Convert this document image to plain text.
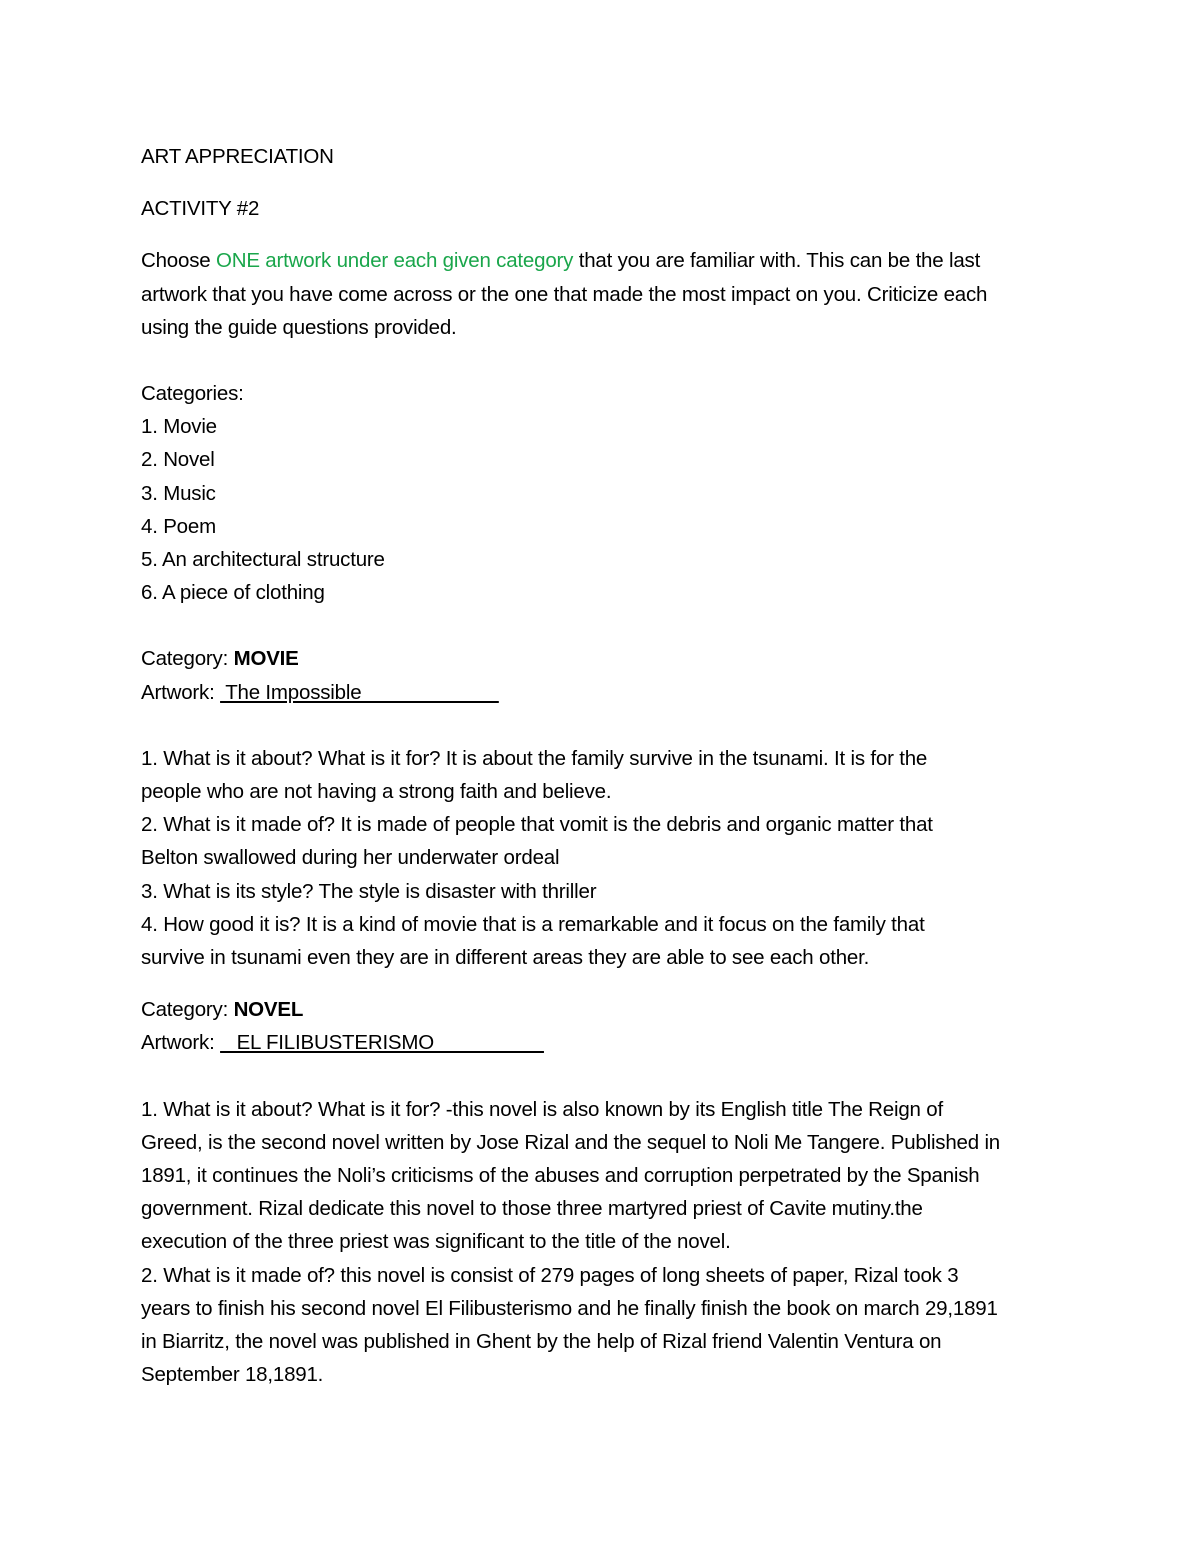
ART APPRECIATION
ACTIVITY #2
Choose ONE artwork under each given category that you are familiar with. This can be the last
artwork that you have come across or the one that made the most impact on you. Criticize each
using the guide questions provided.
Categories:
1. Movie
2. Novel
3. Music
4. Poem
5. An architectural structure
6. A piece of clothing
Category: MOVIE
Artwork:  The Impossible
1. What is it about? What is it for? It is about the family survive in the tsunami. It is for the
people who are not having a strong faith and believe.
2. What is it made of? It is made of people that vomit is the debris and organic matter that
Belton swallowed during her underwater ordeal
3. What is its style? The style is disaster with thriller
4. How good it is? It is a kind of movie that is a remarkable and it focus on the family that
survive in tsunami even they are in different areas they are able to see each other.
Category: NOVEL
Artwork:    EL FILIBUSTERISMO
1. What is it about? What is it for? -this novel is also known by its English title The Reign of
Greed, is the second novel written by Jose Rizal and the sequel to Noli Me Tangere. Published in
1891, it continues the Noli’s criticisms of the abuses and corruption perpetrated by the Spanish
government. Rizal dedicate this novel to those three martyred priest of Cavite mutiny.the
execution of the three priest was significant to the title of the novel.
2. What is it made of? this novel is consist of 279 pages of long sheets of paper, Rizal took 3
years to finish his second novel El Filibusterismo and he finally finish the book on march 29,1891
in Biarritz, the novel was published in Ghent by the help of Rizal friend Valentin Ventura on
September 18,1891.
